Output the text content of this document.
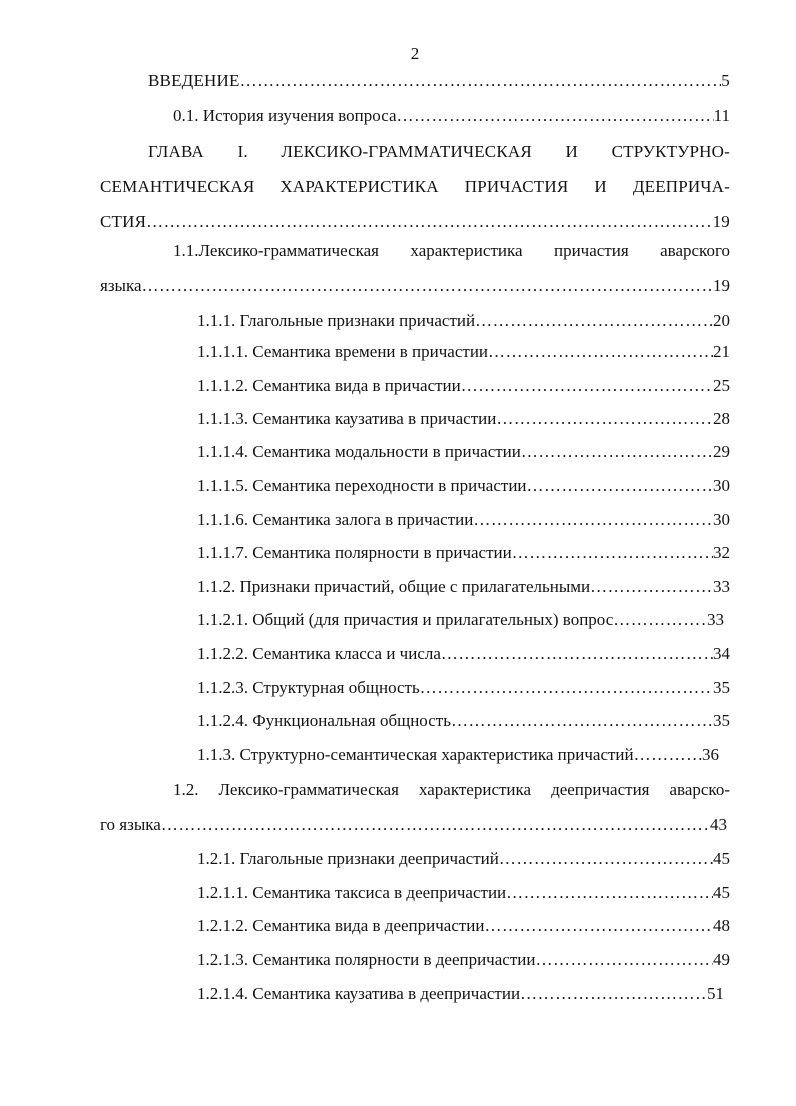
2
ВВЕДЕНИЕ …………………………………………………………………………………………………………………………………………………………………………………………………………	5
0.1. История изучения вопроса …………………………………………………………………………………………………………………………………………………………………………………………………………	11
ГЛАВА I. ЛЕКСИКО-ГРАММАТИЧЕСКАЯ И СТРУКТУРНО-
СЕМАНТИЧЕСКАЯ ХАРАКТЕРИСТИКА ПРИЧАСТИЯ И ДЕЕПРИЧА-
СТИЯ …………………………………………………………………………………………………………………………………………………………………………………………………………	19
1.1.Лексико-грамматическая характеристика причастия аварского
языка …………………………………………………………………………………………………………………………………………………………………………………………………………	19
1.1.1. Глагольные признаки причастий …………………………………………………………………………………………………………………………………………………………………………………………………………	20
1.1.1.1. Семантика времени в причастии …………………………………………………………………………………………………………………………………………………………………………………………………………	21
1.1.1.2. Семантика вида в причастии …………………………………………………………………………………………………………………………………………………………………………………………………………	25
1.1.1.3. Семантика каузатива в причастии …………………………………………………………………………………………………………………………………………………………………………………………………………	28
1.1.1.4. Семантика модальности в причастии …………………………………………………………………………………………………………………………………………………………………………………………………………	29
1.1.1.5. Семантика переходности в причастии …………………………………………………………………………………………………………………………………………………………………………………………………………	30
1.1.1.6. Семантика залога в причастии …………………………………………………………………………………………………………………………………………………………………………………………………………	30
1.1.1.7. Семантика полярности в причастии …………………………………………………………………………………………………………………………………………………………………………………………………………	32
1.1.2. Признаки причастий, общие с прилагательными …………………………………………………………………………………………………………………………………………………………………………………………………………	33
1.1.2.1. Общий (для причастия и прилагательных) вопрос …………………………………………………………………………………………………………………………………………………………………………………………………………	33
1.1.2.2. Семантика класса и числа …………………………………………………………………………………………………………………………………………………………………………………………………………	34
1.1.2.3. Структурная общность …………………………………………………………………………………………………………………………………………………………………………………………………………	35
1.1.2.4. Функциональная общность …………………………………………………………………………………………………………………………………………………………………………………………………………	35
1.1.3. Структурно-семантическая характеристика причастий …………………………………………………………………………………………………………………………………………………………………………………………………………	36
1.2. Лексико-грамматическая характеристика деепричастия аварско-
го языка …………………………………………………………………………………………………………………………………………………………………………………………………………	43
1.2.1. Глагольные признаки деепричастий …………………………………………………………………………………………………………………………………………………………………………………………………………	45
1.2.1.1. Семантика таксиса в деепричастии …………………………………………………………………………………………………………………………………………………………………………………………………………	45
1.2.1.2. Семантика вида в деепричастии …………………………………………………………………………………………………………………………………………………………………………………………………………	48
1.2.1.3. Семантика полярности в деепричастии …………………………………………………………………………………………………………………………………………………………………………………………………………	49
1.2.1.4. Семантика каузатива в деепричастии …………………………………………………………………………………………………………………………………………………………………………………………………………	51
